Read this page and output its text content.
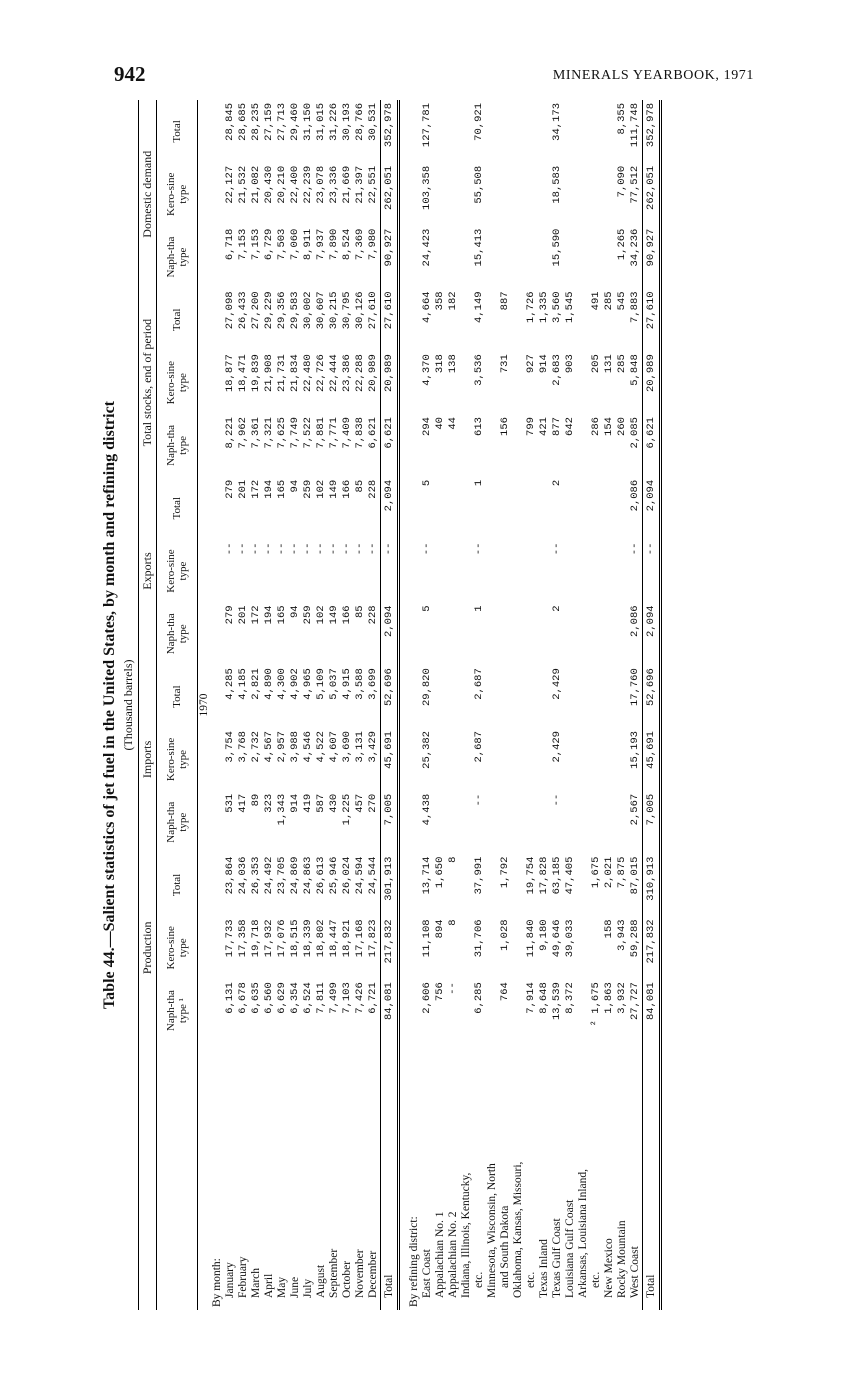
942	MINERALS YEARBOOK, 1971
Table 44.—Salient statistics of jet fuel in the United States, by month and refining district (Thousand barrels)
	Production			Imports			Exports			Total stocks, end of period			Domestic demand		
	Naph-tha type ¹	Kero-sine type	Total	Naph-tha type	Kero-sine type	Total	Naph-tha type	Kero-sine type	Total	Naph-tha type	Kero-sine type	Total	Naph-tha type	Kero-sine type	Total
1970															
By month:															
January	6,131	17,733	23,864	531	3,754	4,285	279	--	279	8,221	18,877	27,098	6,718	22,127	28,845
February	6,678	17,358	24,036	417	3,768	4,185	201	--	201	7,962	18,471	26,433	7,153	21,532	28,685
March	6,635	19,718	26,353	89	2,732	2,821	172	--	172	7,361	19,839	27,200	7,153	21,082	28,235
April	6,560	17,932	24,492	323	4,567	4,890	194	--	194	7,321	21,908	29,229	6,729	20,430	27,159
May	6,629	17,076	23,705	1,343	2,957	4,300	165	--	165	7,625	21,731	29,356	7,503	20,210	27,713
June	6,354	18,515	24,869	914	3,988	4,902	94	--	94	7,749	21,834	29,583	7,060	22,400	29,460
July	6,524	18,339	24,863	419	4,546	4,965	259	--	259	7,522	22,480	30,002	8,911	22,239	31,150
August	7,811	18,802	26,613	587	4,522	5,109	102	--	102	7,881	22,726	30,607	7,937	23,078	31,015
September	7,499	18,447	25,946	430	4,607	5,037	149	--	149	7,771	22,444	30,215	7,890	23,336	31,226
October	7,103	18,921	26,024	1,225	3,690	4,915	166	--	166	7,409	23,386	30,795	8,524	21,669	30,193
November	7,426	17,168	24,594	457	3,131	3,588	85	--	85	7,838	22,288	30,126	7,369	21,397	28,766
December	6,721	17,823	24,544	270	3,429	3,699	228	--	228	6,621	20,989	27,610	7,980	22,551	30,531
Total	84,081	217,832	301,913	7,005	45,691	52,696	2,094	--	2,094	6,621	20,989	27,610	90,927	262,051	352,978

By refining district:															
East Coast	2,606	11,108	13,714	4,438	25,382	29,820	5	--	5	294	4,370	4,664	24,423	103,358	127,781
Appalachian No. 1	756	894	1,650							40	318	358			
Appalachian No. 2	--	8	8							44	138	182			
Indiana, Illinois, Kentucky,															
etc.	6,285	31,706	37,991	--	2,687	2,687	1	--	1	613	3,536	4,149	15,413	55,508	70,921
Minnesota, Wisconsin, North															
and South Dakota	764	1,028	1,792							156	731	887			
Oklahoma, Kansas, Missouri,															
etc.	7,914	11,840	19,754							799	927	1,726			
Texas Inland	8,648	9,180	17,828							421	914	1,335			
Texas Gulf Coast	13,539	49,646	63,185	--	2,429	2,429	2	--	2	877	2,683	3,560	15,590	18,583	34,173
Louisiana Gulf Coast	8,372	39,033	47,405							642	903	1,545			
Arkansas, Louisiana Inland,															
etc.	² 1,675		1,675							286	205	491			
New Mexico	1,863	158	2,021							154	131	285			
Rocky Mountain	3,932	3,943	7,875							260	285	545	1,265	7,090	8,355
West Coast	27,727	59,288	87,015	2,567	15,193	17,760	2,086	--	2,086	2,085	5,848	7,883	34,236	77,512	111,748
Total	84,081	217,832	310,913	7,005	45,691	52,696	2,094	--	2,094	6,621	20,989	27,610	90,927	262,051	352,978
